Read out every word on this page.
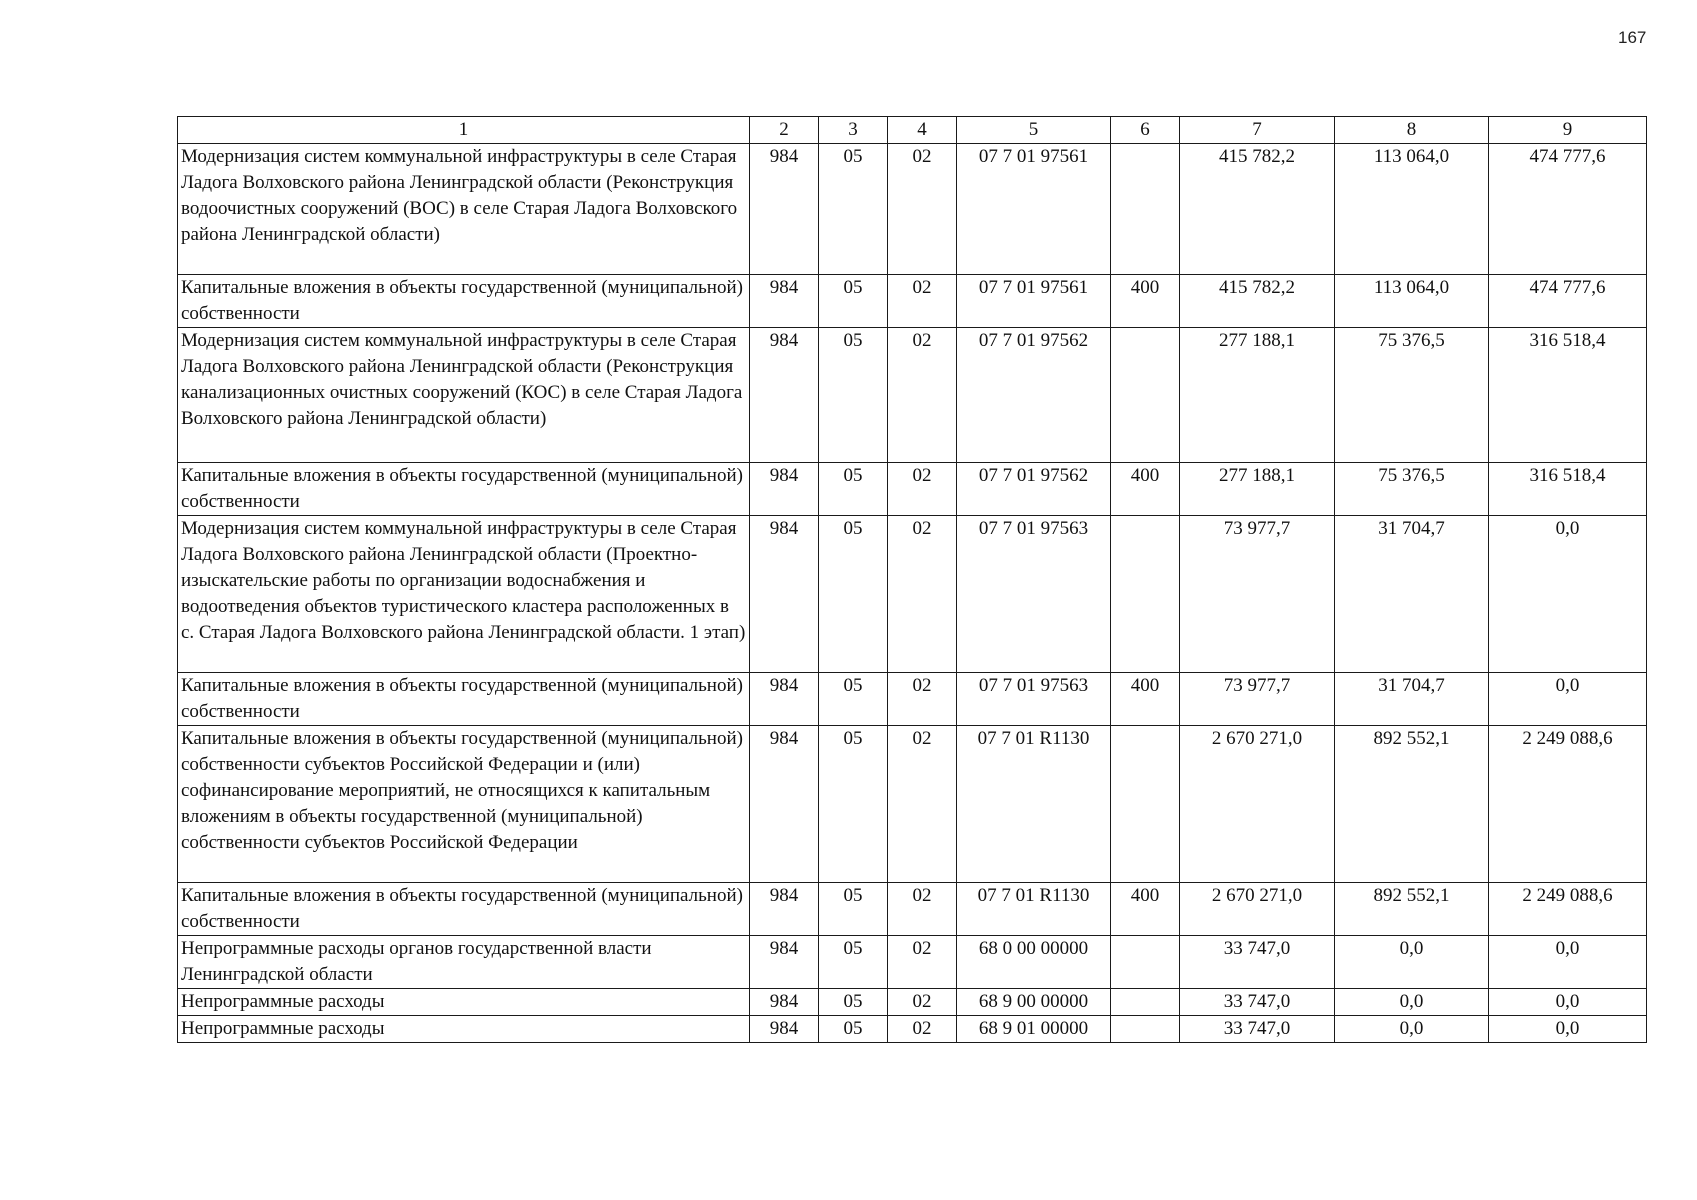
167
1	2	3	4	5	6	7	8	9
Модернизация систем коммунальной инфраструктуры в селе Старая Ладога Волховского района Ленинградской области (Реконструкция водоочистных сооружений (ВОС) в селе Старая Ладога Волховского района Ленинградской области)	984	05	02	07 7 01 97561		415 782,2	113 064,0	474 777,6
Капитальные вложения в объекты государственной (муниципальной) собственности	984	05	02	07 7 01 97561	400	415 782,2	113 064,0	474 777,6
Модернизация систем коммунальной инфраструктуры в селе Старая Ладога Волховского района Ленинградской области (Реконструкция канализационных очистных сооружений (КОС) в селе Старая Ладога Волховского района Ленинградской области)	984	05	02	07 7 01 97562		277 188,1	75 376,5	316 518,4
Капитальные вложения в объекты государственной (муниципальной) собственности	984	05	02	07 7 01 97562	400	277 188,1	75 376,5	316 518,4
Модернизация систем коммунальной инфраструктуры в селе Старая Ладога Волховского района Ленинградской области (Проектно-изыскательские работы по организации водоснабжения и водоотведения объектов туристического кластера расположенных в с. Старая Ладога Волховского района Ленинградской области. 1 этап)	984	05	02	07 7 01 97563		73 977,7	31 704,7	0,0
Капитальные вложения в объекты государственной (муниципальной) собственности	984	05	02	07 7 01 97563	400	73 977,7	31 704,7	0,0
Капитальные вложения в объекты государственной (муниципальной) собственности субъектов Российской Федерации и (или) софинансирование мероприятий, не относящихся к капитальным вложениям в объекты государственной (муниципальной) собственности субъектов Российской Федерации	984	05	02	07 7 01 R1130		2 670 271,0	892 552,1	2 249 088,6
Капитальные вложения в объекты государственной (муниципальной) собственности	984	05	02	07 7 01 R1130	400	2 670 271,0	892 552,1	2 249 088,6
Непрограммные расходы органов государственной власти Ленинградской области	984	05	02	68 0 00 00000		33 747,0	0,0	0,0
Непрограммные расходы	984	05	02	68 9 00 00000		33 747,0	0,0	0,0
Непрограммные расходы	984	05	02	68 9 01 00000		33 747,0	0,0	0,0
